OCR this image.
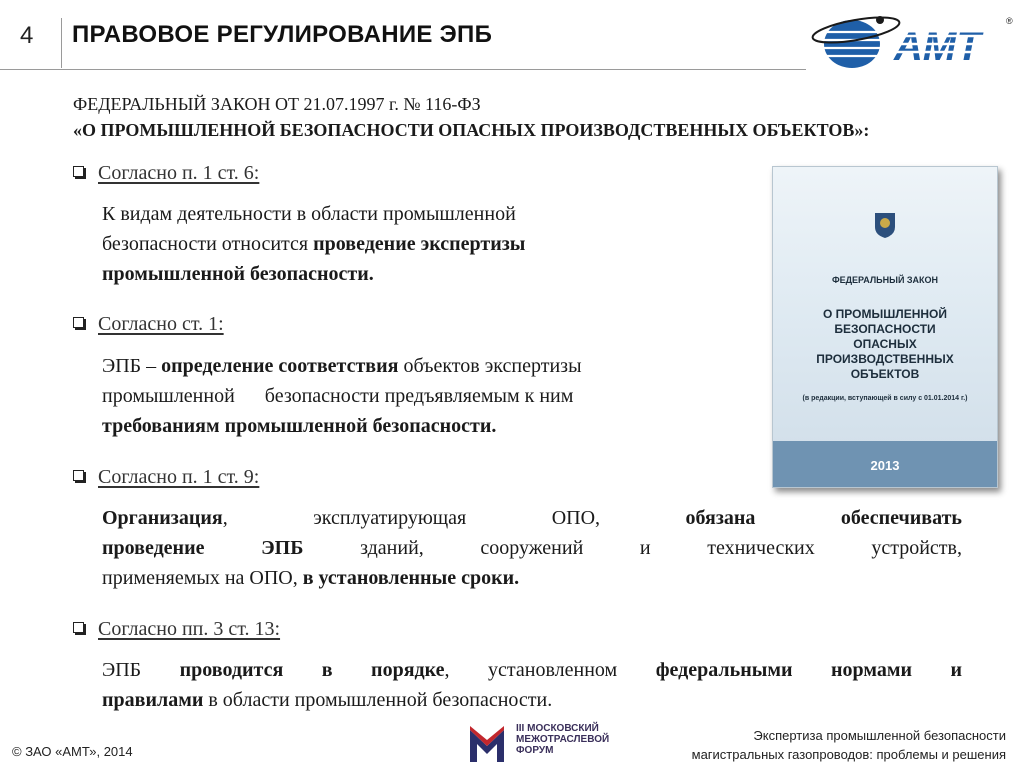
4	ПРАВОВОЕ РЕГУЛИРОВАНИЕ ЭПБ	АМТ
®
ФЕДЕРАЛЬНЫЙ ЗАКОН ОТ 21.07.1997 г. № 116-ФЗ
«О ПРОМЫШЛЕННОЙ БЕЗОПАСНОСТИ ОПАСНЫХ ПРОИЗВОДСТВЕННЫХ ОБЪЕКТОВ»:
Согласно п. 1 ст. 6:
К видам деятельности в области промышленной
безопасности относится проведение экспертизы
промышленной безопасности.
Согласно ст. 1:
ЭПБ – определение соответствия объектов экспертизы
промышленной      безопасности предъявляемым к ним
требованиям промышленной безопасности.
Согласно п. 1 ст. 9:
Организация, эксплуатирующая ОПО, обязана обеспечивать
проведение ЭПБ зданий, сооружений и технических устройств,
применяемых на ОПО, в установленные сроки.
Согласно пп. 3 ст. 13:
ЭПБ проводится в порядке, установленном федеральными нормами и
правилами в области промышленной безопасности.
ФЕДЕРАЛЬНЫЙ ЗАКОН
О ПРОМЫШЛЕННОЙ
БЕЗОПАСНОСТИ
ОПАСНЫХ
ПРОИЗВОДСТВЕННЫХ
ОБЪЕКТОВ
(в редакции, вступающей в силу с 01.01.2014 г.)
2013
© ЗАО «АМТ», 2014
III МОСКОВСКИЙ
МЕЖОТРАСЛЕВОЙ
ФОРУМ
Экспертиза промышленной безопасности
магистральных газопроводов: проблемы и решения
